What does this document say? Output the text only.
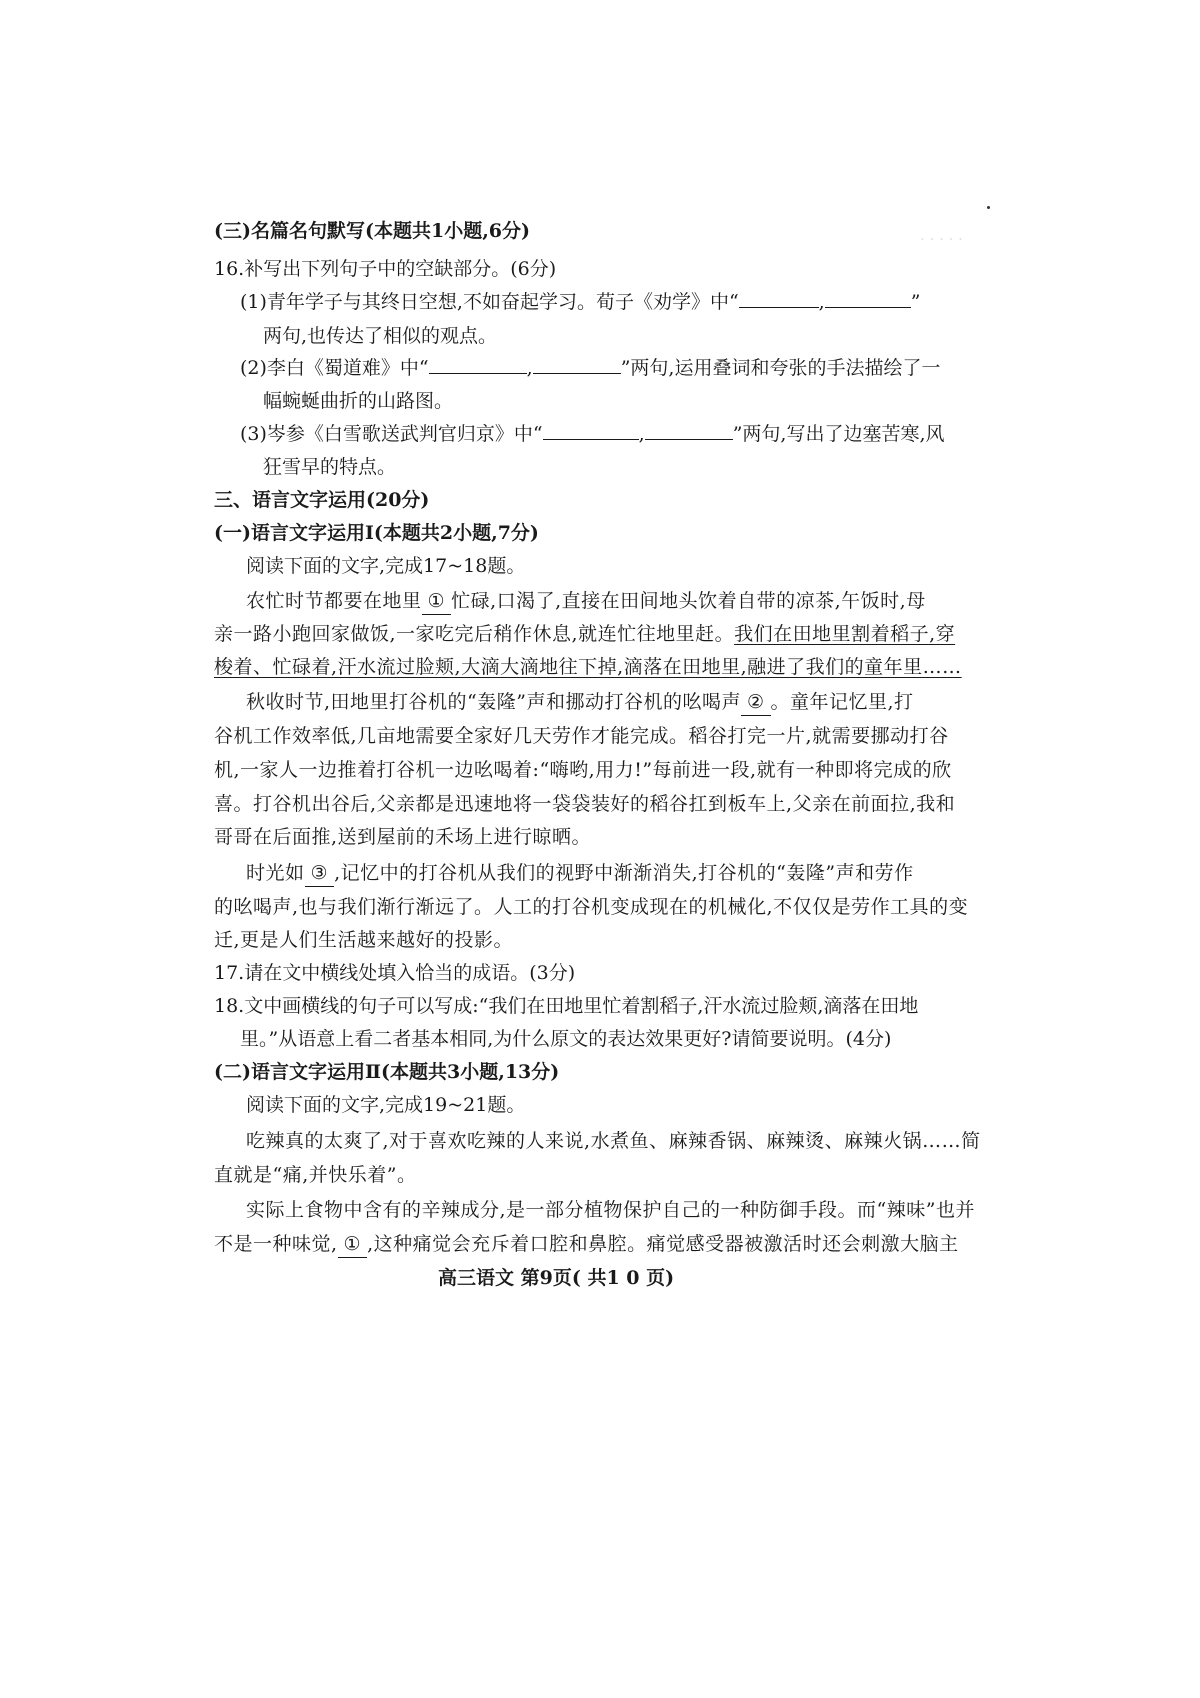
· · · · ·
(三)名篇名句默写(本题共1小题,6分)
16.补写出下列句子中的空缺部分。(6分)
(1)青年学子与其终日空想,不如奋起学习。荀子《劝学》中“	,	”
两句,也传达了相似的观点。
(2)李白《蜀道难》中“	,	”两句,运用叠词和夸张的手法描绘了一
幅蜿蜒曲折的山路图。
(3)岑参《白雪歌送武判官归京》中“	,	”两句,写出了边塞苦寒,风
狂雪早的特点。
三、语言文字运用(20分)
(一)语言文字运用Ⅰ(本题共2小题,7分)
阅读下面的文字,完成17~18题。
农忙时节都要在地里 ① 忙碌,口渴了,直接在田间地头饮着自带的凉茶,午饭时,母
亲一路小跑回家做饭,一家吃完后稍作休息,就连忙往地里赶。我们在田地里割着稻子,穿
梭着、忙碌着,汗水流过脸颊,大滴大滴地往下掉,滴落在田地里,融进了我们的童年里……
秋收时节,田地里打谷机的“轰隆”声和挪动打谷机的吆喝声 ② 。童年记忆里,打
谷机工作效率低,几亩地需要全家好几天劳作才能完成。稻谷打完一片,就需要挪动打谷
机,一家人一边推着打谷机一边吆喝着:“嗨哟,用力!”每前进一段,就有一种即将完成的欣
喜。打谷机出谷后,父亲都是迅速地将一袋袋装好的稻谷扛到板车上,父亲在前面拉,我和
哥哥在后面推,送到屋前的禾场上进行晾晒。
时光如 ③ ,记忆中的打谷机从我们的视野中渐渐消失,打谷机的“轰隆”声和劳作
的吆喝声,也与我们渐行渐远了。人工的打谷机变成现在的机械化,不仅仅是劳作工具的变
迁,更是人们生活越来越好的投影。
17.请在文中横线处填入恰当的成语。(3分)
18.文中画横线的句子可以写成:“我们在田地里忙着割稻子,汗水流过脸颊,滴落在田地
里。”从语意上看二者基本相同,为什么原文的表达效果更好?请简要说明。(4分)
(二)语言文字运用Ⅱ(本题共3小题,13分)
阅读下面的文字,完成19~21题。
吃辣真的太爽了,对于喜欢吃辣的人来说,水煮鱼、麻辣香锅、麻辣烫、麻辣火锅……简
直就是“痛,并快乐着”。
实际上食物中含有的辛辣成分,是一部分植物保护自己的一种防御手段。而“辣味”也并
不是一种味觉, ① ,这种痛觉会充斥着口腔和鼻腔。痛觉感受器被激活时还会刺激大脑主
高三语文 第9页( 共1 0 页)
